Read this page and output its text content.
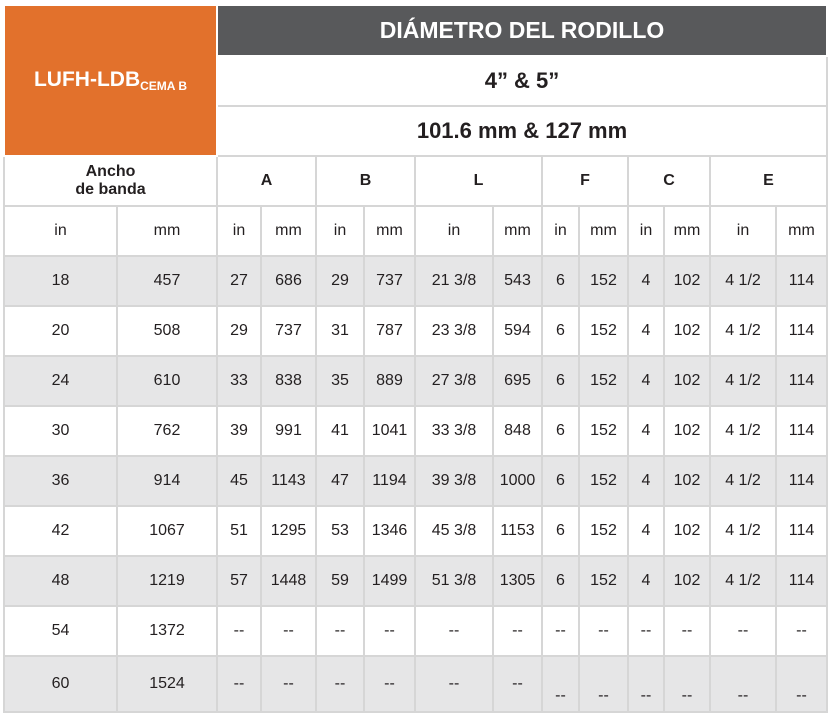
LUFH-$LDB_{CEMA B}$		DIÁMETRO DEL RODILLO											
		4” & 5”											
		101.6 mm & 127 mm											
Ancho
de banda		A		B		L		F		C		E	
in	mm	in	mm	in	mm	in	mm	in	mm	in	mm	in	mm
18	457	27	686	29	737	21 3/8	543	6	152	4	102	4 1/2	114
20	508	29	737	31	787	23 3/8	594	6	152	4	102	4 1/2	114
24	610	33	838	35	889	27 3/8	695	6	152	4	102	4 1/2	114
30	762	39	991	41	1041	33 3/8	848	6	152	4	102	4 1/2	114
36	914	45	1143	47	1194	39 3/8	1000	6	152	4	102	4 1/2	114
42	1067	51	1295	53	1346	45 3/8	1153	6	152	4	102	4 1/2	114
48	1219	57	1448	59	1499	51 3/8	1305	6	152	4	102	4 1/2	114
54	1372	--	--	--	--	--	--	--	--	--	--	--	--
60	1524	--	--	--	--	--	--	--	--	--	--	--	--
